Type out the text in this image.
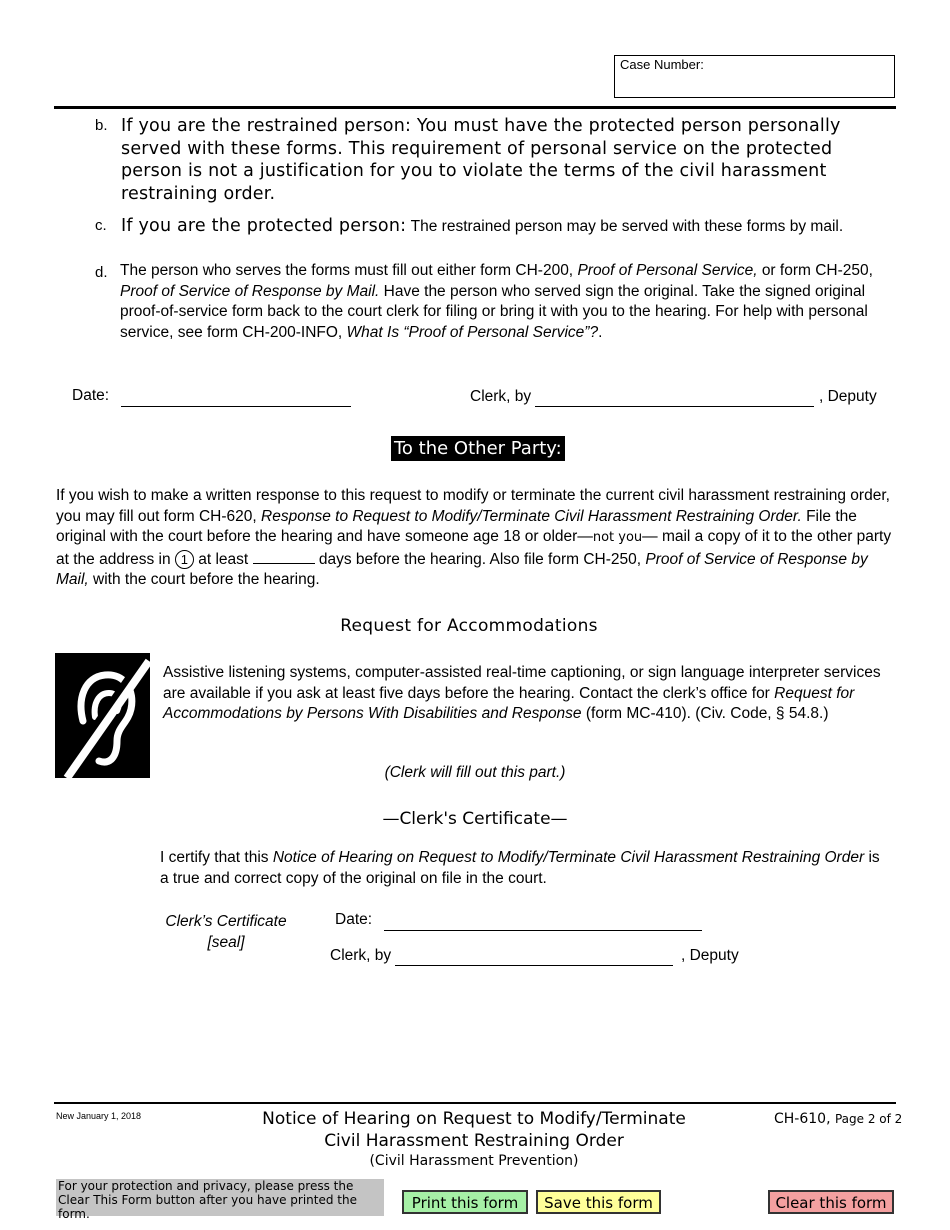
Case Number:
b. If you are the restrained person: You must have the protected person personally served with these forms. This requirement of personal service on the protected person is not a justification for you to violate the terms of the civil harassment restraining order.
c. If you are the protected person: The restrained person may be served with these forms by mail.
d. The person who serves the forms must fill out either form CH-200, Proof of Personal Service, or form CH-250, Proof of Service of Response by Mail. Have the person who served sign the original. Take the signed original proof-of-service form back to the court clerk for filing or bring it with you to the hearing. For help with personal service, see form CH-200-INFO, What Is “Proof of Personal Service”?.
Date:	Clerk, by	, Deputy
To the Other Party:
If you wish to make a written response to this request to modify or terminate the current civil harassment restraining order, you may fill out form CH-620, Response to Request to Modify/Terminate Civil Harassment Restraining Order. File the original with the court before the hearing and have someone age 18 or older—not you— mail a copy of it to the other party at the address in 1 at least	days before the hearing. Also file form CH-250, Proof of Service of Response by Mail, with the court before the hearing.
Request for Accommodations
Assistive listening systems, computer-assisted real-time captioning, or sign language interpreter services are available if you ask at least five days before the hearing. Contact the clerk’s office for Request for Accommodations by Persons With Disabilities and Response (form MC-410). (Civ. Code, § 54.8.)
(Clerk will fill out this part.)
—Clerk's Certificate—
I certify that this Notice of Hearing on Request to Modify/Terminate Civil Harassment Restraining Order is a true and correct copy of the original on file in the court.
Clerk’s Certificate
[seal]
Date:
Clerk, by	, Deputy
New January 1, 2018	Notice of Hearing on Request to Modify/Terminate
Civil Harassment Restraining Order
(Civil Harassment Prevention)
CH-610, Page 2 of 2
For your protection and privacy, please press the Clear This Form button after you have printed the form.
Print this form	Save this form	Clear this form
